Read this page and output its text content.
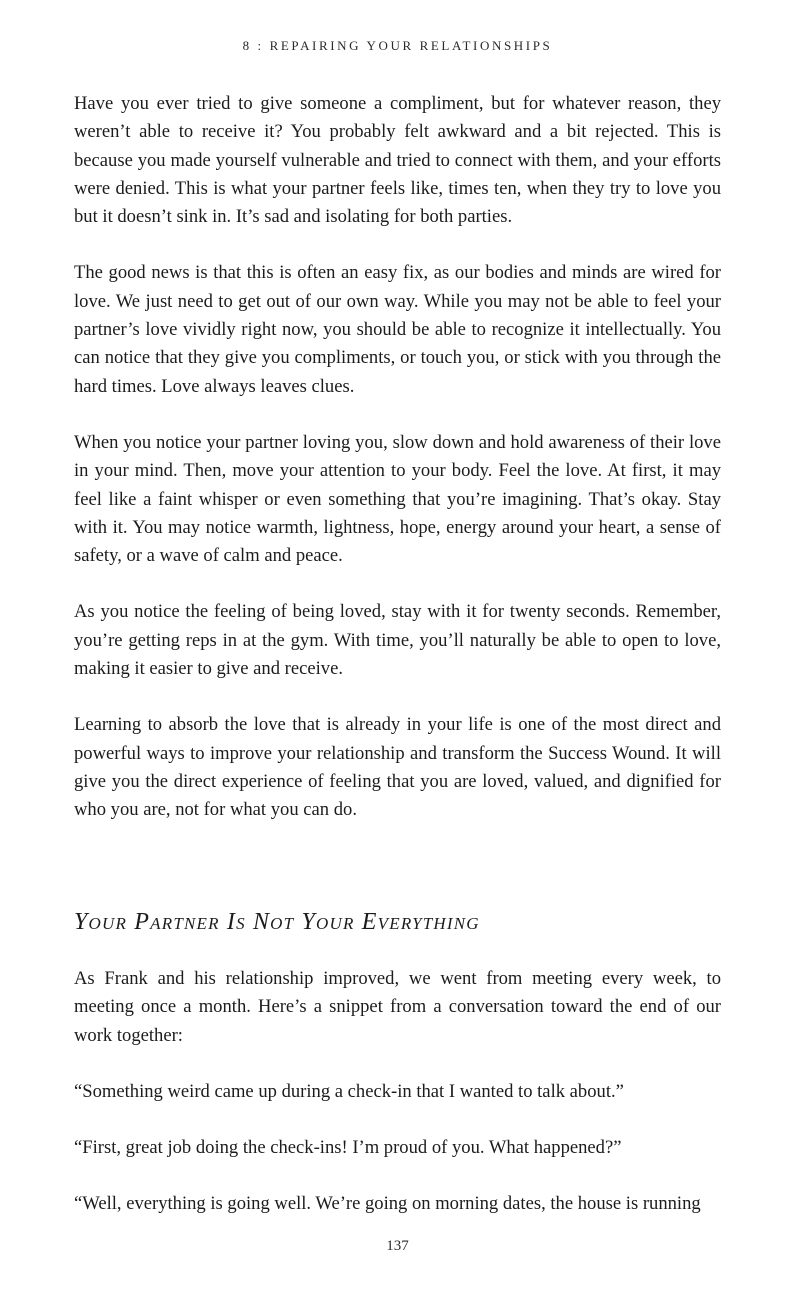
8 : REPAIRING YOUR RELATIONSHIPS

Have you ever tried to give someone a compliment, but for whatever reason, they weren’t able to receive it? You probably felt awkward and a bit rejected. This is because you made yourself vulnerable and tried to connect with them, and your efforts were denied. This is what your partner feels like, times ten, when they try to love you but it doesn’t sink in. It’s sad and isolating for both parties.

The good news is that this is often an easy fix, as our bodies and minds are wired for love. We just need to get out of our own way. While you may not be able to feel your partner’s love vividly right now, you should be able to recognize it intellectually. You can notice that they give you compliments, or touch you, or stick with you through the hard times. Love always leaves clues.

When you notice your partner loving you, slow down and hold awareness of their love in your mind. Then, move your attention to your body. Feel the love. At first, it may feel like a faint whisper or even something that you’re imagining. That’s okay. Stay with it. You may notice warmth, lightness, hope, energy around your heart, a sense of safety, or a wave of calm and peace.

As you notice the feeling of being loved, stay with it for twenty seconds. Remember, you’re getting reps in at the gym. With time, you’ll naturally be able to open to love, making it easier to give and receive.

Learning to absorb the love that is already in your life is one of the most direct and powerful ways to improve your relationship and transform the Success Wound. It will give you the direct experience of feeling that you are loved, valued, and dignified for who you are, not for what you can do.

Your Partner Is Not Your Everything

As Frank and his relationship improved, we went from meeting every week, to meeting once a month. Here’s a snippet from a conversation toward the end of our work together:

“Something weird came up during a check-in that I wanted to talk about.”

“First, great job doing the check-ins! I’m proud of you. What happened?”

“Well, everything is going well. We’re going on morning dates, the house is running

137
